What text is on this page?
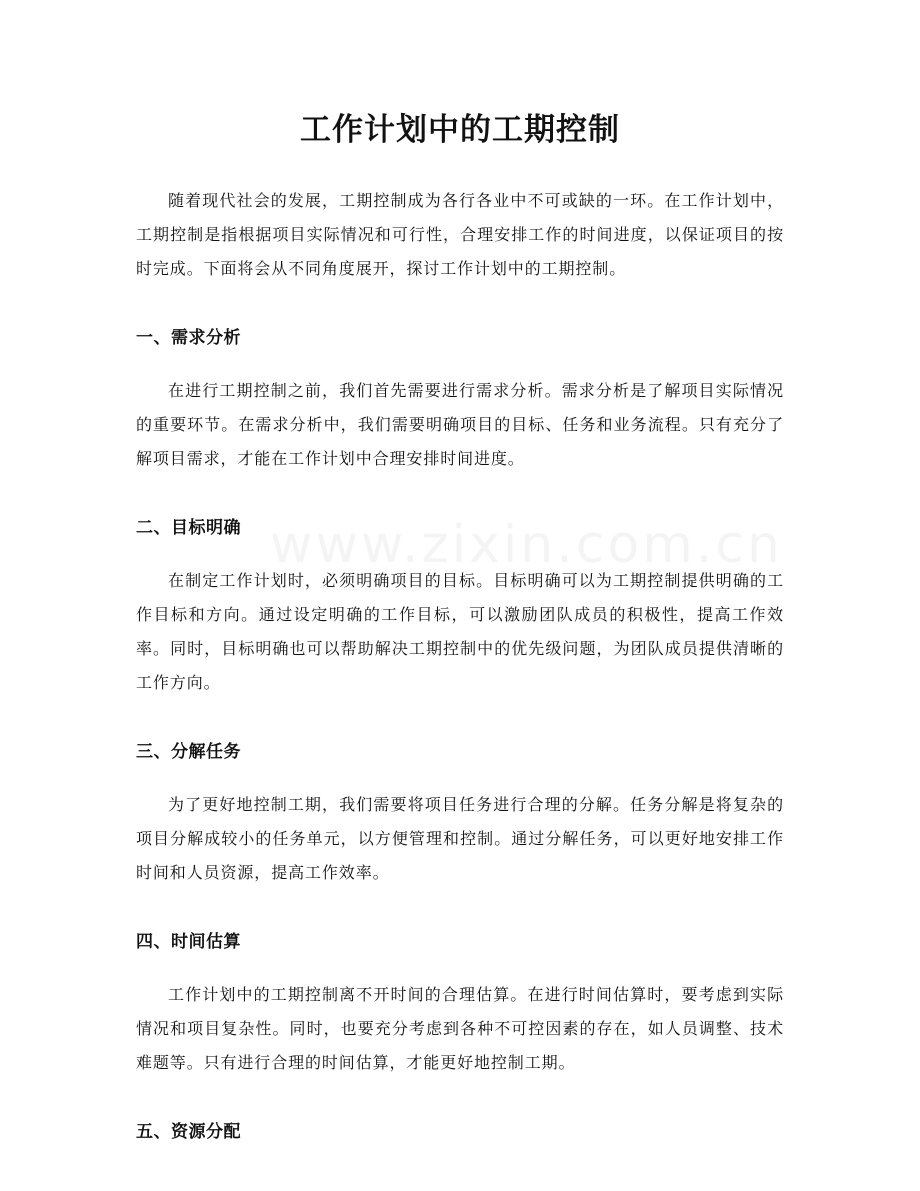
工作计划中的工期控制

随着现代社会的发展，工期控制成为各行各业中不可或缺的一环。在工作计划中，工期控制是指根据项目实际情况和可行性，合理安排工作的时间进度，以保证项目的按时完成。下面将会从不同角度展开，探讨工作计划中的工期控制。

一、需求分析

在进行工期控制之前，我们首先需要进行需求分析。需求分析是了解项目实际情况的重要环节。在需求分析中，我们需要明确项目的目标、任务和业务流程。只有充分了解项目需求，才能在工作计划中合理安排时间进度。

二、目标明确

在制定工作计划时，必须明确项目的目标。目标明确可以为工期控制提供明确的工作目标和方向。通过设定明确的工作目标，可以激励团队成员的积极性，提高工作效率。同时，目标明确也可以帮助解决工期控制中的优先级问题，为团队成员提供清晰的工作方向。

三、分解任务

为了更好地控制工期，我们需要将项目任务进行合理的分解。任务分解是将复杂的项目分解成较小的任务单元，以方便管理和控制。通过分解任务，可以更好地安排工作时间和人员资源，提高工作效率。

四、时间估算

工作计划中的工期控制离不开时间的合理估算。在进行时间估算时，要考虑到实际情况和项目复杂性。同时，也要充分考虑到各种不可控因素的存在，如人员调整、技术难题等。只有进行合理的时间估算，才能更好地控制工期。

五、资源分配
